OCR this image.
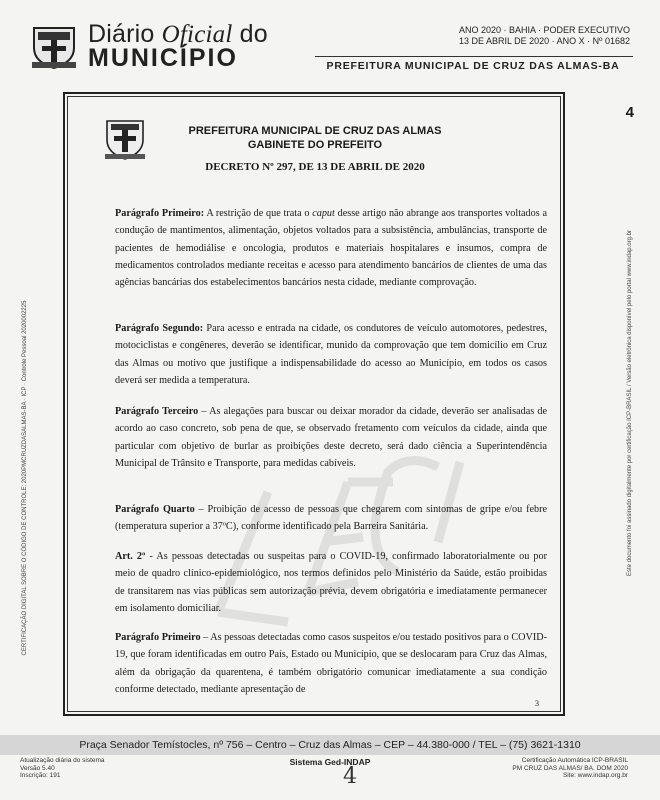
Diário Oficial do
MUNICÍPIO
ANO 2020 · BAHIA · PODER EXECUTIVO
13 DE ABRIL DE 2020 · ANO X · Nº 01682
PREFEITURA MUNICIPAL DE CRUZ DAS ALMAS-BA
4
CERTIFICAÇÃO DIGITAL SOBRE O CÓDIGO DE CONTROLE: 2020PMCRUZDASALMAS-BA · ICP · Controle Pessoal 2020002225	Este documento foi assinado digitalmente por certificação ICP-BRASIL / Versão eletrônica disponível pelo portal www.indap.org.br
PREFEITURA MUNICIPAL DE CRUZ DAS ALMAS
GABINETE DO PREFEITO
DECRETO Nº 297, DE 13 DE ABRIL DE 2020
Parágrafo Primeiro: A restrição de que trata o caput desse artigo não abrange aos transportes voltados a condução de mantimentos, alimentação, objetos voltados para a subsistência, ambulâncias, transporte de pacientes de hemodiálise e oncologia, produtos e materiais hospitalares e insumos, compra de medicamentos controlados mediante receitas e acesso para atendimento bancários de clientes de uma das agências bancárias dos estabelecimentos bancários nesta cidade, mediante comprovação.
Parágrafo Segundo: Para acesso e entrada na cidade, os condutores de veículo automotores, pedestres, motociclistas e congêneres, deverão se identificar, munido da comprovação que tem domicílio em Cruz das Almas ou motivo que justifique a indispensabilidade do acesso ao Município, em todos os casos deverá ser medida a temperatura.
Parágrafo Terceiro – As alegações para buscar ou deixar morador da cidade, deverão ser analisadas de acordo ao caso concreto, sob pena de que, se observado fretamento com veículos da cidade, ainda que particular com objetivo de burlar as proibições deste decreto, será dado ciência a Superintendência Municipal de Trânsito e Transporte, para medidas cabíveis.
Parágrafo Quarto – Proibição de acesso de pessoas que chegarem com sintomas de gripe e/ou febre (temperatura superior a 37ºC), conforme identificado pela Barreira Sanitária.
Art. 2º - As pessoas detectadas ou suspeitas para o COVID-19, confirmado laboratorialmente ou por meio de quadro clínico-epidemiológico, nos termos definidos pelo Ministério da Saúde, estão proibidas de transitarem nas vias públicas sem autorização prévia, devem obrigatória e imediatamente permanecer em isolamento domiciliar.
Parágrafo Primeiro – As pessoas detectadas como casos suspeitos e/ou testado positivos para o COVID-19, que foram identificadas em outro País, Estado ou Município, que se deslocaram para Cruz das Almas, além da obrigação da quarentena, é também obrigatório comunicar imediatamente a sua condição conforme detectado, mediante apresentação de
3
Praça Senador Temístocles, nº 756 – Centro – Cruz das Almas – CEP – 44.380-000 / TEL – (75) 3621-1310
Atualização diária do sistema
Versão 5.40
Inscrição: 191
Sistema Ged-INDAP	Certificação Automática ICP-BRASIL
PM CRUZ DAS ALMAS/ BA. DOM 2020
Site: www.indap.org.br
4
